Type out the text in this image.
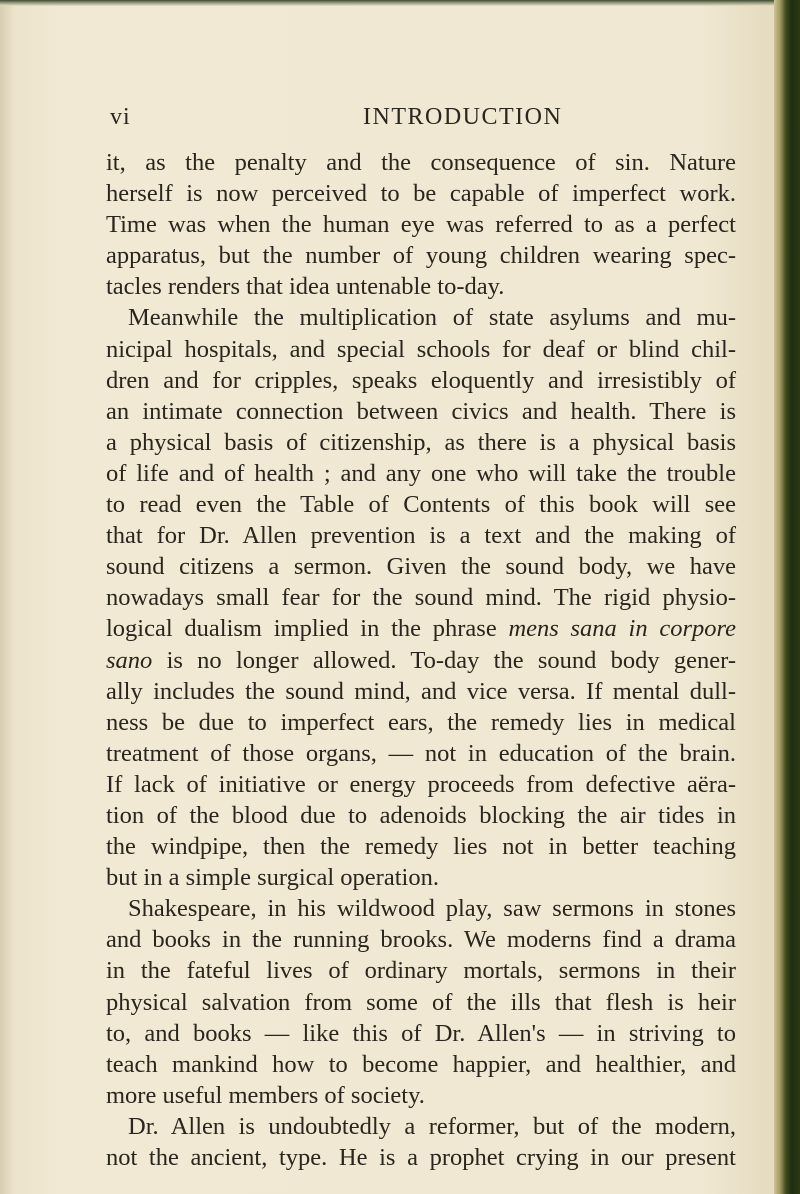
vi	INTRODUCTION
it, as the penalty and the consequence of sin. Nature
herself is now perceived to be capable of imperfect work.
Time was when the human eye was referred to as a perfect
apparatus, but the number of young children wearing spec-
tacles renders that idea untenable to-day.
Meanwhile the multiplication of state asylums and mu-
nicipal hospitals, and special schools for deaf or blind chil-
dren and for cripples, speaks eloquently and irresistibly of
an intimate connection between civics and health. There is
a physical basis of citizenship, as there is a physical basis
of life and of health ; and any one who will take the trouble
to read even the Table of Contents of this book will see
that for Dr. Allen prevention is a text and the making of
sound citizens a sermon. Given the sound body, we have
nowadays small fear for the sound mind. The rigid physio-
logical dualism implied in the phrase mens sana in corpore
sano is no longer allowed. To-day the sound body gener-
ally includes the sound mind, and vice versa. If mental dull-
ness be due to imperfect ears, the remedy lies in medical
treatment of those organs, — not in education of the brain.
If lack of initiative or energy proceeds from defective aëra-
tion of the blood due to adenoids blocking the air tides in
the windpipe, then the remedy lies not in better teaching
but in a simple surgical operation.
Shakespeare, in his wildwood play, saw sermons in stones
and books in the running brooks. We moderns find a drama
in the fateful lives of ordinary mortals, sermons in their
physical salvation from some of the ills that flesh is heir
to, and books — like this of Dr. Allen's — in striving to
teach mankind how to become happier, and healthier, and
more useful members of society.
Dr. Allen is undoubtedly a reformer, but of the modern,
not the ancient, type. He is a prophet crying in our present
